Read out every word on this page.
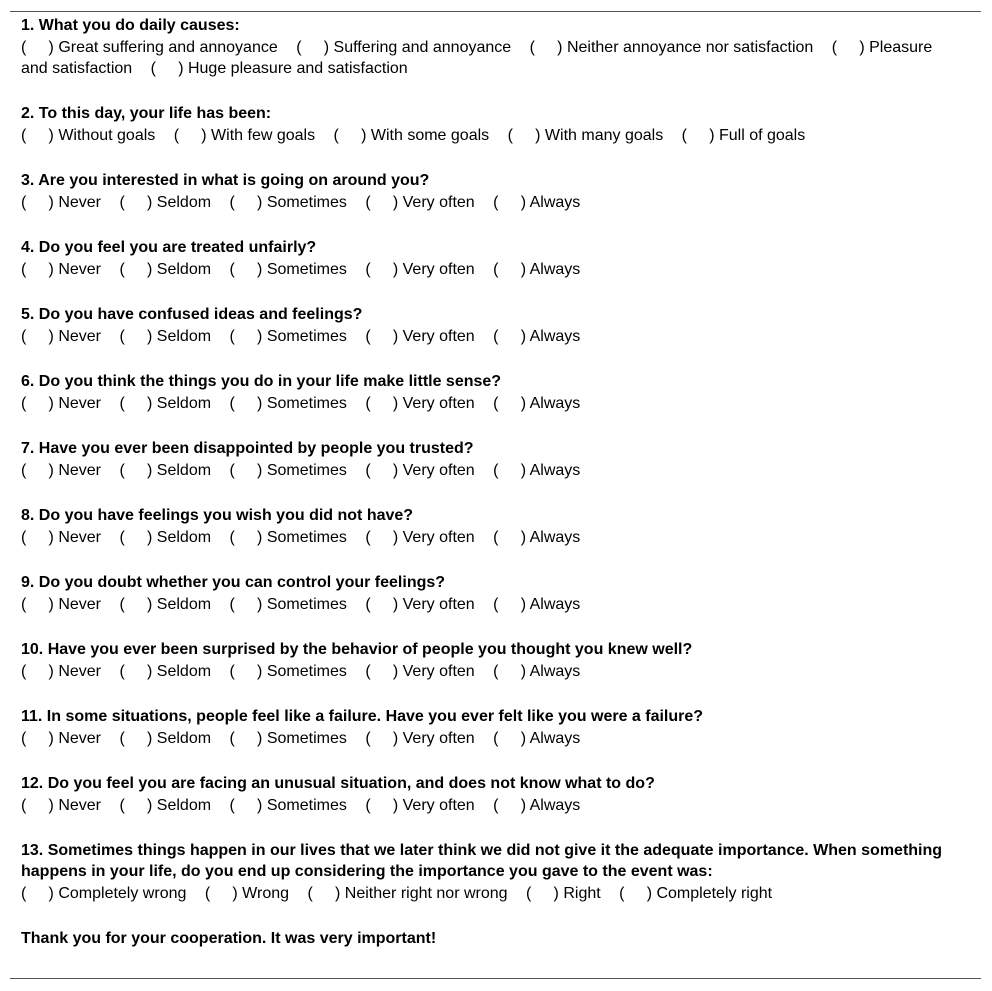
1. What you do daily causes:
(     ) Great suffering and annoyance (     ) Suffering and annoyance (     ) Neither annoyance nor satisfaction (     ) Pleasure and satisfaction (     ) Huge pleasure and satisfaction
2. To this day, your life has been:
(     ) Without goals (     ) With few goals (     ) With some goals (     ) With many goals (     ) Full of goals
3. Are you interested in what is going on around you?
(     ) Never (     ) Seldom (     ) Sometimes (     ) Very often (     ) Always
4. Do you feel you are treated unfairly?
(     ) Never (     ) Seldom (     ) Sometimes (     ) Very often (     ) Always
5. Do you have confused ideas and feelings?
(     ) Never (     ) Seldom (     ) Sometimes (     ) Very often (     ) Always
6. Do you think the things you do in your life make little sense?
(     ) Never (     ) Seldom (     ) Sometimes (     ) Very often (     ) Always
7. Have you ever been disappointed by people you trusted?
(     ) Never (     ) Seldom (     ) Sometimes (     ) Very often (     ) Always
8. Do you have feelings you wish you did not have?
(     ) Never (     ) Seldom (     ) Sometimes (     ) Very often (     ) Always
9. Do you doubt whether you can control your feelings?
(     ) Never (     ) Seldom (     ) Sometimes (     ) Very often (     ) Always
10. Have you ever been surprised by the behavior of people you thought you knew well?
(     ) Never (     ) Seldom (     ) Sometimes (     ) Very often (     ) Always
11. In some situations, people feel like a failure. Have you ever felt like you were a failure?
(     ) Never (     ) Seldom (     ) Sometimes (     ) Very often (     ) Always
12. Do you feel you are facing an unusual situation, and does not know what to do?
(     ) Never (     ) Seldom (     ) Sometimes (     ) Very often (     ) Always
13. Sometimes things happen in our lives that we later think we did not give it the adequate importance. When something happens in your life, do you end up considering the importance you gave to the event was:
(     ) Completely wrong (     ) Wrong (     ) Neither right nor wrong (     ) Right (     ) Completely right
Thank you for your cooperation. It was very important!
